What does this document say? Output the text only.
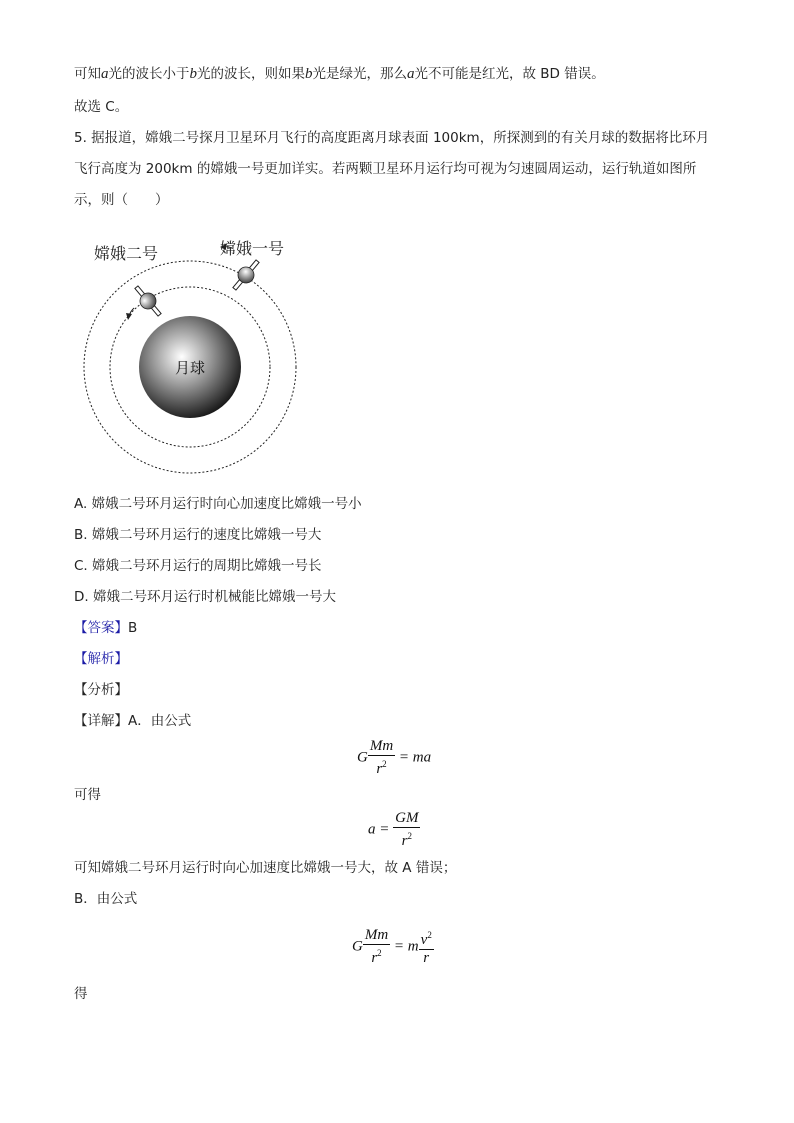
可知a光的波长小于b光的波长，则如果b光是绿光，那么a光不可能是红光，故 BD 错误。
故选 C。
5. 据报道，嫦娥二号探月卫星环月飞行的高度距离月球表面 100km，所探测到的有关月球的数据将比环月
飞行高度为 200km 的嫦娥一号更加详实。若两颗卫星环月运行均可视为匀速圆周运动，运行轨道如图所
示，则（　　）
月球
嫦娥二号	嫦娥一号
A. 嫦娥二号环月运行时向心加速度比嫦娥一号小
B. 嫦娥二号环月运行的速度比嫦娥一号大
C. 嫦娥二号环月运行的周期比嫦娥一号长
D. 嫦娥二号环月运行时机械能比嫦娥一号大
【答案】B
【解析】
【分析】
【详解】A．由公式
G $\frac{Mm}{r^2}$ = ma
可得
$a = \frac{GM}{r^2}$
可知嫦娥二号环月运行时向心加速度比嫦娥一号大，故 A 错误；
B．由公式
G $\frac{Mm}{r^2} = m \frac{v^2}{r}$
得
